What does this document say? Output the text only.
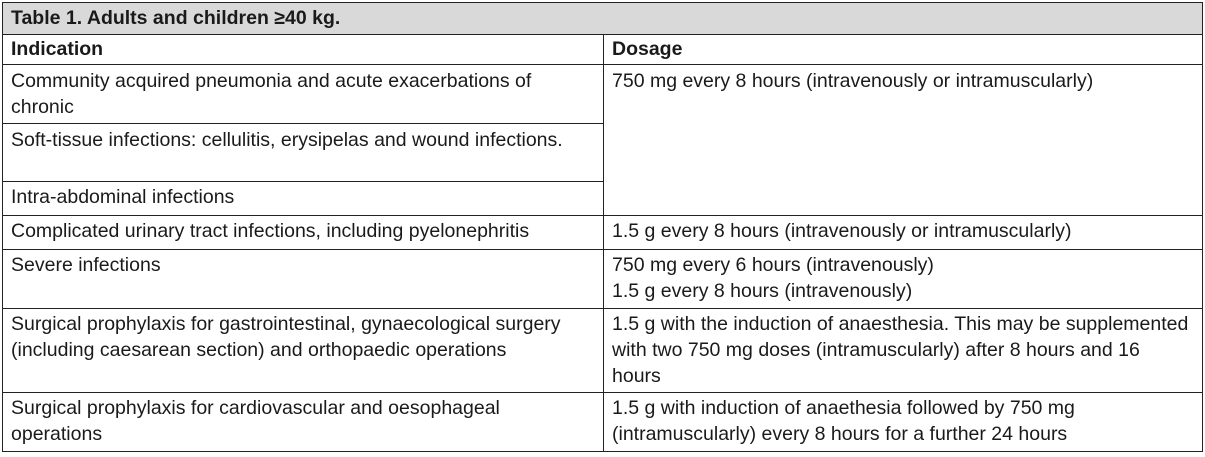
Table 1. Adults and children ≥40 kg.	
Indication	Dosage
Community acquired pneumonia and acute exacerbations of chronic	750 mg every 8 hours (intravenously or intramuscularly)
Soft-tissue infections: cellulitis, erysipelas and wound infections.	
Intra-abdominal infections	
Complicated urinary tract infections, including pyelonephritis	1.5 g every 8 hours (intravenously or intramuscularly)
Severe infections	750 mg every 6 hours (intravenously)
1.5 g every 8 hours (intravenously)

Surgical prophylaxis for gastrointestinal, gynaecological surgery (including caesarean section) and orthopaedic operations	1.5 g with the induction of anaesthesia. This may be supplemented with two 750 mg doses (intramuscularly) after 8 hours and 16 hours
Surgical prophylaxis for cardiovascular and oesophageal operations	1.5 g with induction of anaethesia followed by 750 mg (intramuscularly) every 8 hours for a further 24 hours
